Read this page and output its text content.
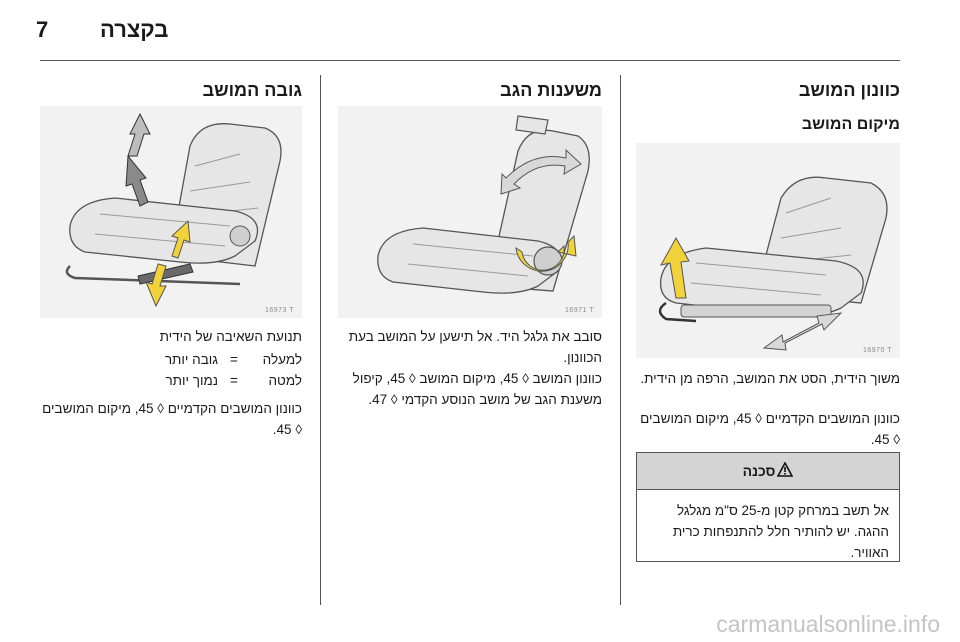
7 בקצרה
כוונון המושב
מיקום המושב
16970 T
משוך הידית, הסט את המושב, הרפה מן הידית.
כוונון המושבים הקדמיים ◊ 45, מיקום המושבים ◊ 45.
סכנה
אל תשב במרחק קטן מ-25 ס"מ מגלגל ההגה. יש להותיר חלל להתנפחות כרית האוויר.
משענות הגב
16971 T
סובב את גלגל היד. אל תישען על המושב בעת הכוונון.
כוונון המושב ◊ 45, מיקום המושב ◊ 45, קיפול משענת הגב של מושב הנוסע הקדמי ◊ 47.
גובה המושב
16973 T
תנועת השאיבה של הידית
למעלה
=
גובה יותר
למטה
=
נמוך יותר
כוונון המושבים הקדמיים ◊ 45, מיקום המושבים ◊ 45.
carmanualsonline.info
